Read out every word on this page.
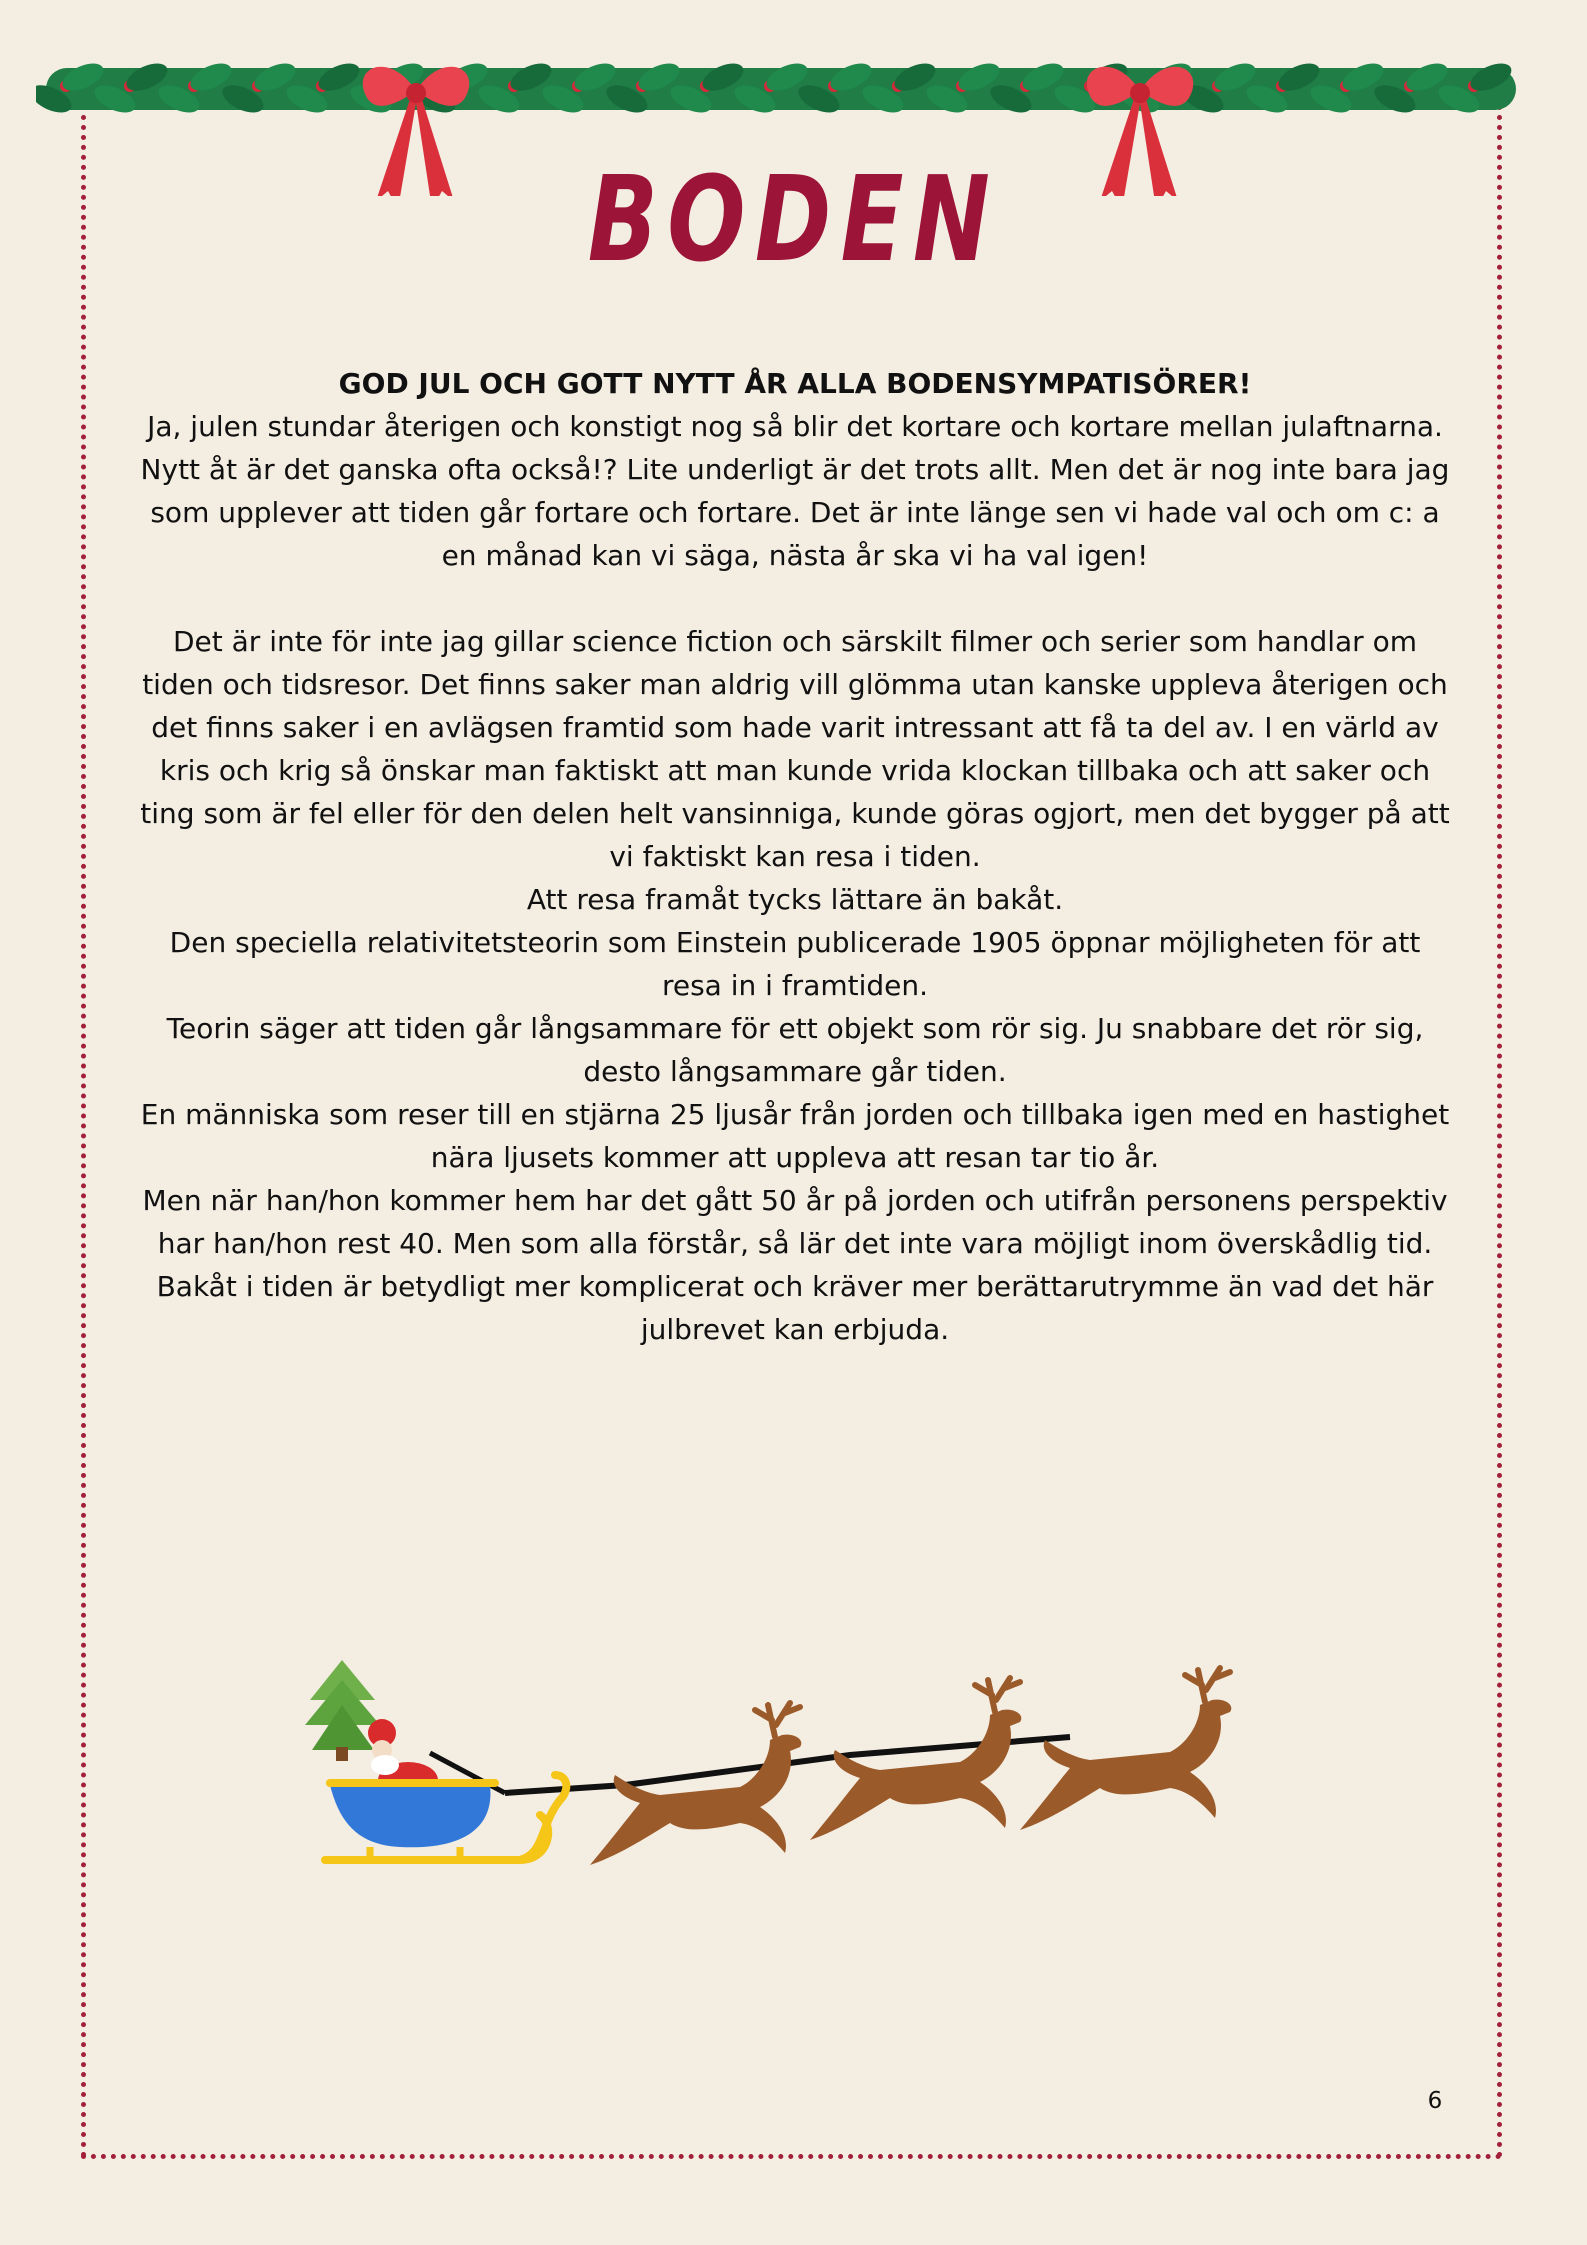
BODEN

GOD JUL OCH GOTT NYTT ÅR ALLA BODENSYMPATISÖRER!

Ja, julen stundar återigen och konstigt nog så blir det kortare och kortare mellan julaftnarna. Nytt åt är det ganska ofta också!? Lite underligt är det trots allt. Men det är nog inte bara jag som upplever att tiden går fortare och fortare. Det är inte länge sen vi hade val och om c: a en månad kan vi säga, nästa år ska vi ha val igen!

Det är inte för inte jag gillar science fiction och särskilt filmer och serier som handlar om tiden och tidsresor. Det finns saker man aldrig vill glömma utan kanske uppleva återigen och det finns saker i en avlägsen framtid som hade varit intressant att få ta del av. I en värld av kris och krig så önskar man faktiskt att man kunde vrida klockan tillbaka och att saker och ting som är fel eller för den delen helt vansinniga, kunde göras ogjort, men det bygger på att vi faktiskt kan resa i tiden.

Att resa framåt tycks lättare än bakåt.

Den speciella relativitetsteorin som Einstein publicerade 1905 öppnar möjligheten för att resa in i framtiden.

Teorin säger att tiden går långsammare för ett objekt som rör sig. Ju snabbare det rör sig, desto långsammare går tiden.

En människa som reser till en stjärna 25 ljusår från jorden och tillbaka igen med en hastighet nära ljusets kommer att uppleva att resan tar tio år.

Men när han/hon kommer hem har det gått 50 år på jorden och utifrån personens perspektiv har han/hon rest 40. Men som alla förstår, så lär det inte vara möjligt inom överskådlig tid. Bakåt i tiden är betydligt mer komplicerat och kräver mer berättarutrymme än vad det här julbrevet kan erbjuda.

6
